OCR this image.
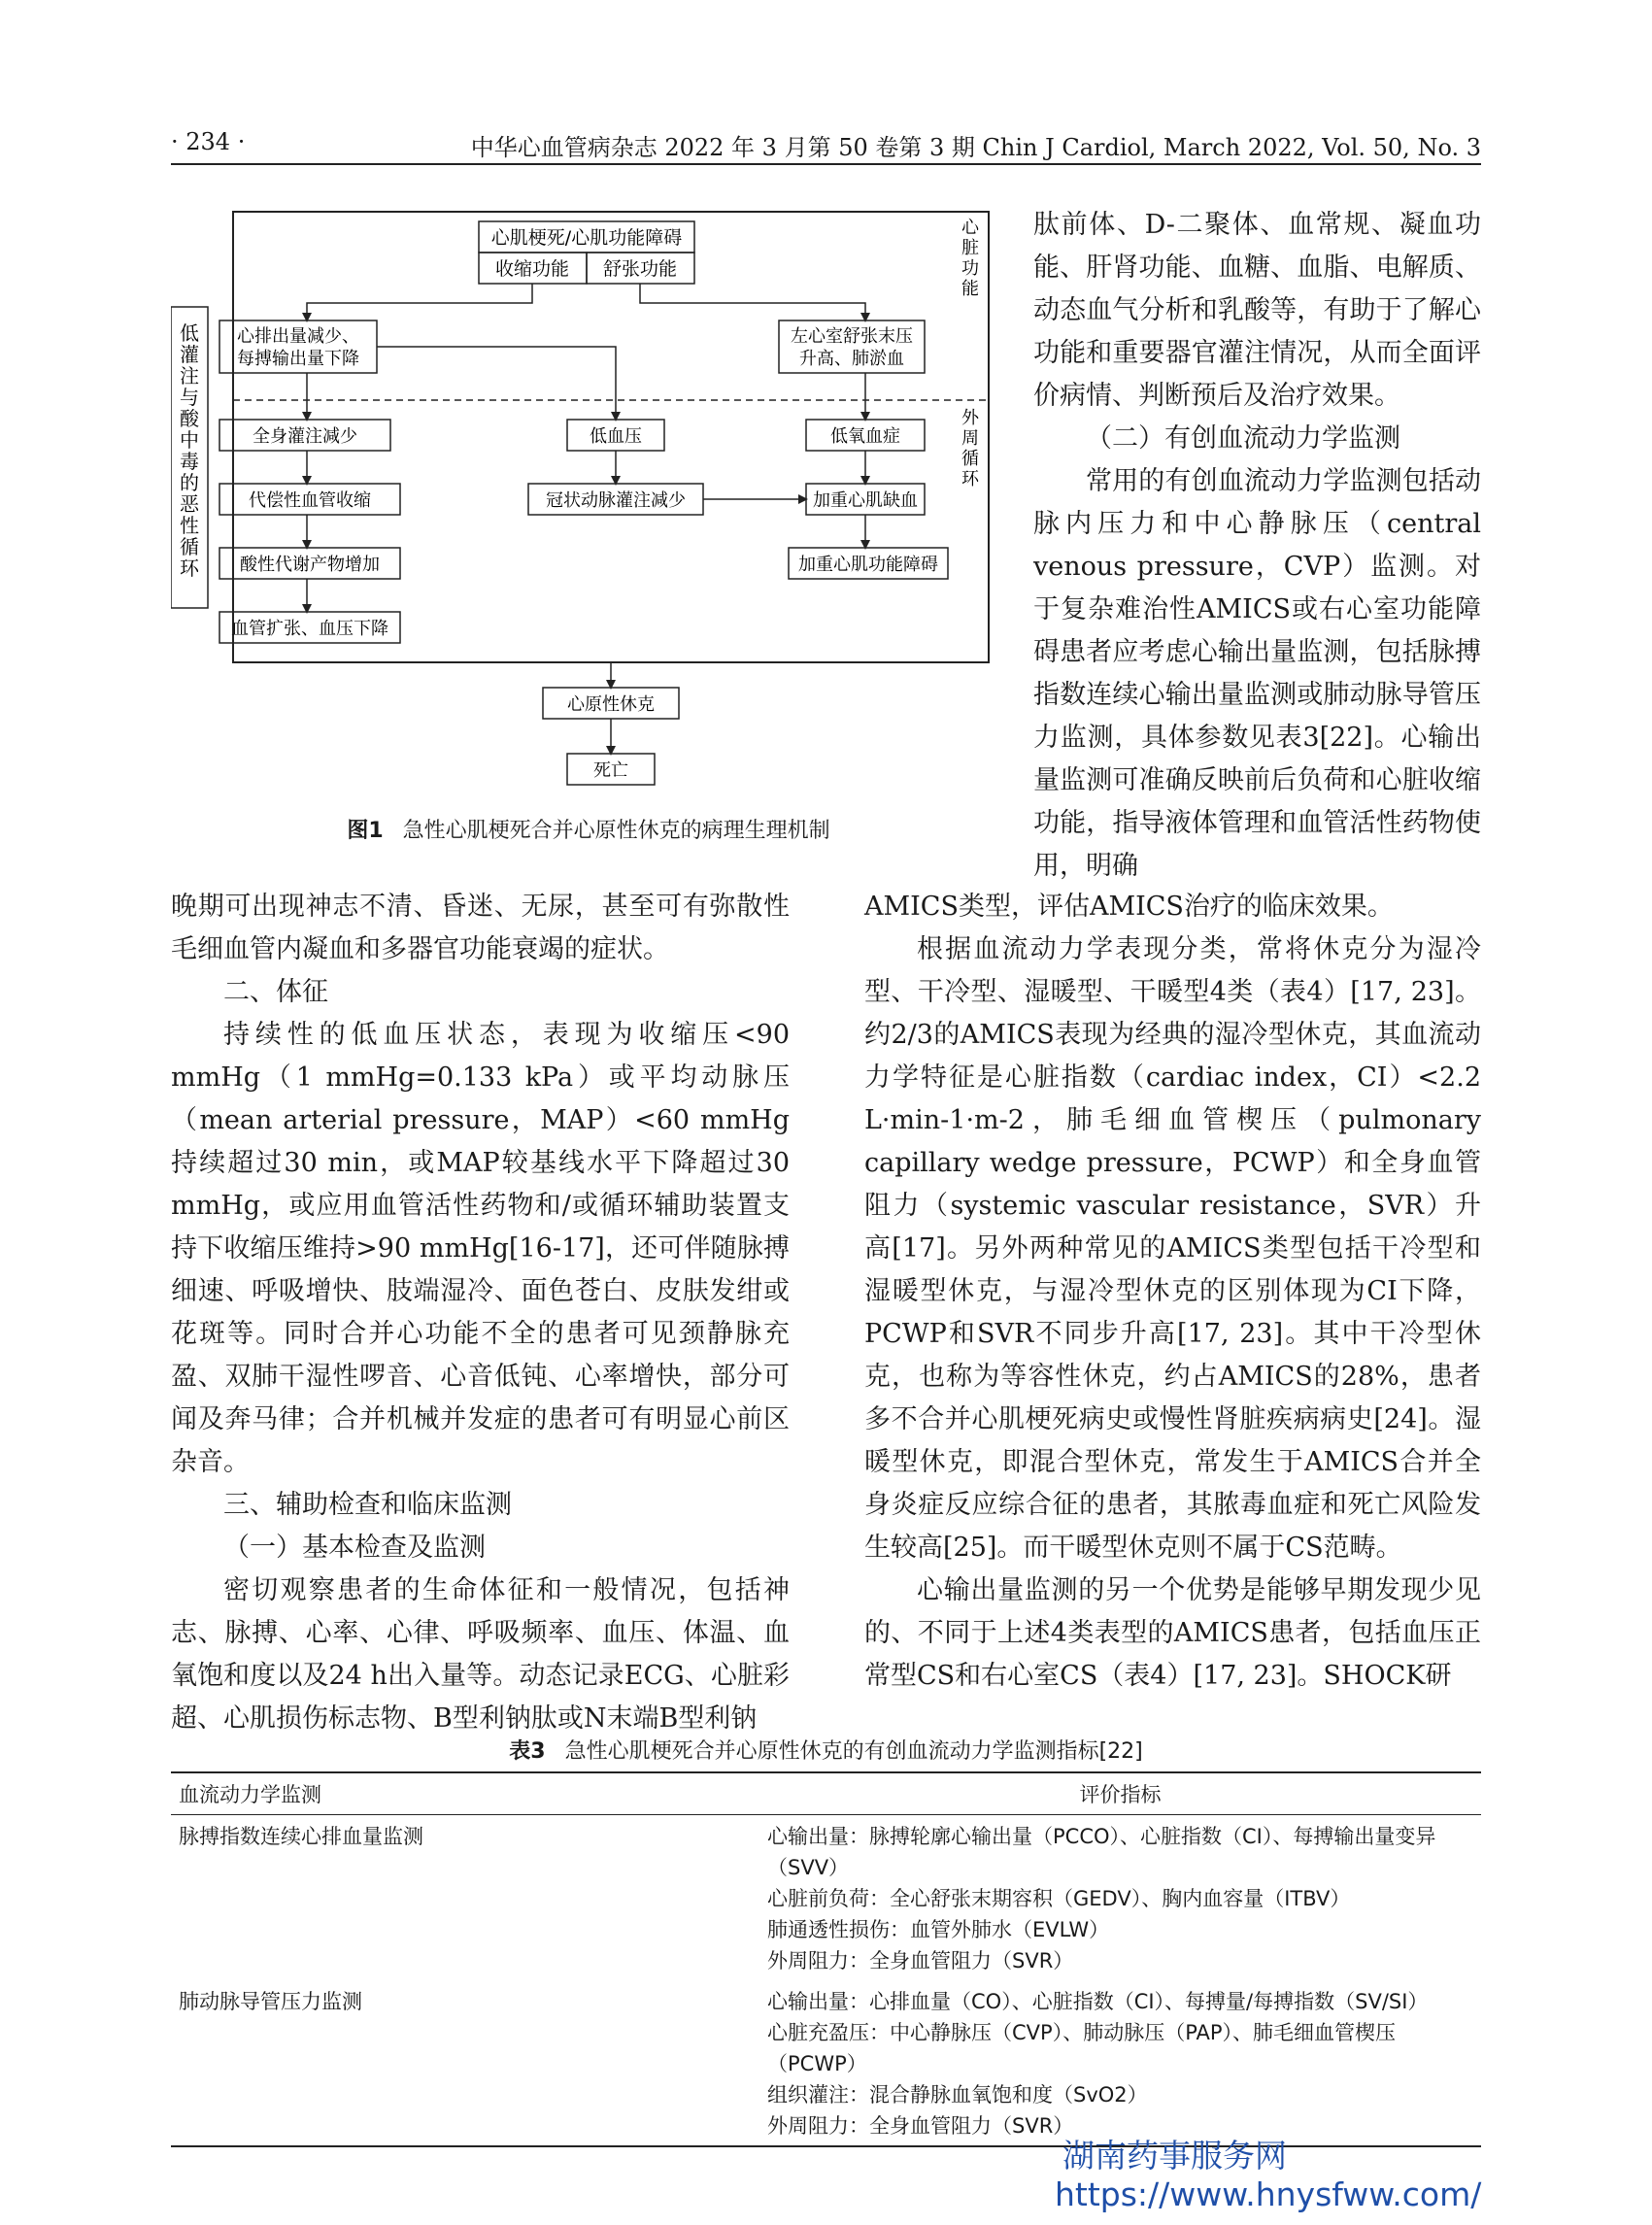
· 234 ·	中华心血管病杂志 2022 年 3 月第 50 卷第 3 期 Chin J Cardiol, March 2022, Vol. 50, No. 3
低灌注与酸中毒的恶性循环
心脏功能
外周循环
心肌梗死/心肌功能障碍
收缩功能 舒张功能
心排出量减少、
每搏输出量下降
左心室舒张末压
升高、肺淤血
全身灌注减少	低血压	低氧血症
代偿性血管收缩	冠状动脉灌注减少	加重心肌缺血
酸性代谢产物增加	加重心肌功能障碍
血管扩张、血压下降
心原性休克
死亡
图1 急性心肌梗死合并心原性休克的病理生理机制

肽前体、D-二聚体、血常规、凝血功能、肝肾功能、血糖、血脂、电解质、动态血气分析和乳酸等，有助于了解心功能和重要器官灌注情况，从而全面评价病情、判断预后及治疗效果。

（二）有创血流动力学监测

常用的有创血流动力学监测包括动脉内压力和中心静脉压（central venous pressure，CVP）监测。对于复杂难治性AMICS或右心室功能障碍患者应考虑心输出量监测，包括脉搏指数连续心输出量监测或肺动脉导管压力监测，具体参数见表3[22]。心输出量监测可准确反映前后负荷和心脏收缩功能，指导液体管理和血管活性药物使用，明确

晚期可出现神志不清、昏迷、无尿，甚至可有弥散性毛细血管内凝血和多器官功能衰竭的症状。

二、体征

持续性的低血压状态，表现为收缩压<90 mmHg（1 mmHg=0.133 kPa）或平均动脉压（mean arterial pressure，MAP）<60 mmHg持续超过30 min，或MAP较基线水平下降超过30 mmHg，或应用血管活性药物和/或循环辅助装置支持下收缩压维持>90 mmHg[16-17]，还可伴随脉搏细速、呼吸增快、肢端湿冷、面色苍白、皮肤发绀或花斑等。同时合并心功能不全的患者可见颈静脉充盈、双肺干湿性啰音、心音低钝、心率增快，部分可闻及奔马律；合并机械并发症的患者可有明显心前区杂音。

三、辅助检查和临床监测

（一）基本检查及监测

密切观察患者的生命体征和一般情况，包括神志、脉搏、心率、心律、呼吸频率、血压、体温、血氧饱和度以及24 h出入量等。动态记录ECG、心脏彩超、心肌损伤标志物、B型利钠肽或N末端B型利钠

AMICS类型，评估AMICS治疗的临床效果。

根据血流动力学表现分类，常将休克分为湿冷型、干冷型、湿暖型、干暖型4类（表4）[17, 23]。约2/3的AMICS表现为经典的湿冷型休克，其血流动力学特征是心脏指数（cardiac index，CI）<2.2 L·min-1·m-2，肺毛细血管楔压（pulmonary capillary wedge pressure，PCWP）和全身血管阻力（systemic vascular resistance，SVR）升高[17]。另外两种常见的AMICS类型包括干冷型和湿暖型休克，与湿冷型休克的区别体现为CI下降，PCWP和SVR不同步升高[17, 23]。其中干冷型休克，也称为等容性休克，约占AMICS的28%，患者多不合并心肌梗死病史或慢性肾脏疾病病史[24]。湿暖型休克，即混合型休克，常发生于AMICS合并全身炎症反应综合征的患者，其脓毒血症和死亡风险发生较高[25]。而干暖型休克则不属于CS范畴。

心输出量监测的另一个优势是能够早期发现少见的、不同于上述4类表型的AMICS患者，包括血压正常型CS和右心室CS（表4）[17, 23]。SHOCK研

表3 急性心肌梗死合并心原性休克的有创血流动力学监测指标[22]
血流动力学监测	评价指标
脉搏指数连续心排血量监测	心输出量：脉搏轮廓心输出量（PCCO）、心脏指数（CI）、每搏输出量变异（SVV）
心脏前负荷：全心舒张末期容积（GEDV）、胸内血容量（ITBV）
肺通透性损伤：血管外肺水（EVLW）
外周阻力：全身血管阻力（SVR）

肺动脉导管压力监测	心输出量：心排血量（CO）、心脏指数（CI）、每搏量/每搏指数（SV/SI）
心脏充盈压：中心静脉压（CVP）、肺动脉压（PAP）、肺毛细血管楔压（PCWP）
组织灌注：混合静脉血氧饱和度（SvO2）
外周阻力：全身血管阻力（SVR）
湖南药事服务网
https://www.hnysfww.com/
